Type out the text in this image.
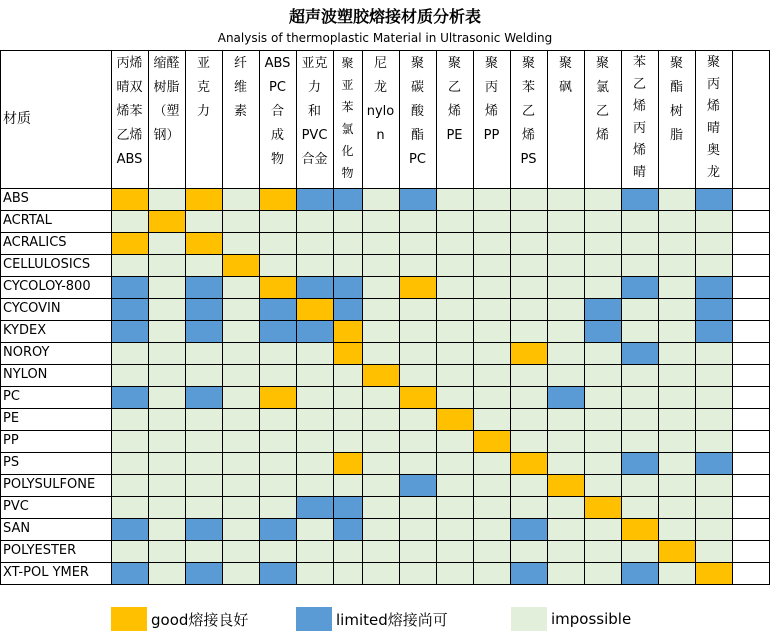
超声波塑胶熔接材质分析表
Analysis of thermoplastic Material in Ultrasonic Welding
ABS
ACRTAL
ACRALICS
CELLULOSICS
CYCOLOY-800
CYCOVIN
KYDEX
NOROY
NYLON
PC
PE
PP
PS
POLYSULFONE
PVC
SAN
POLYESTER
XT-POL YMER
材质
丙烯
晴双
烯苯
乙烯
ABS
缩醛
树脂
（塑
钢）
亚
克
力
纤
维
素
ABS
PC
合
成
物
亚克力
和
PVC
合金
聚
亚
苯
氯
化
物
尼
龙
nylo
n
聚
碳
酸
酯
PC
聚
乙
烯
PE
聚
丙
烯
PP
聚
苯
乙
烯
PS
聚
砜
聚
氯
乙
烯
苯
乙
烯
丙
烯
晴
聚
酯
树
脂
聚
丙
烯
晴
奥
龙
good熔接良好	limited熔接尚可	impossible
